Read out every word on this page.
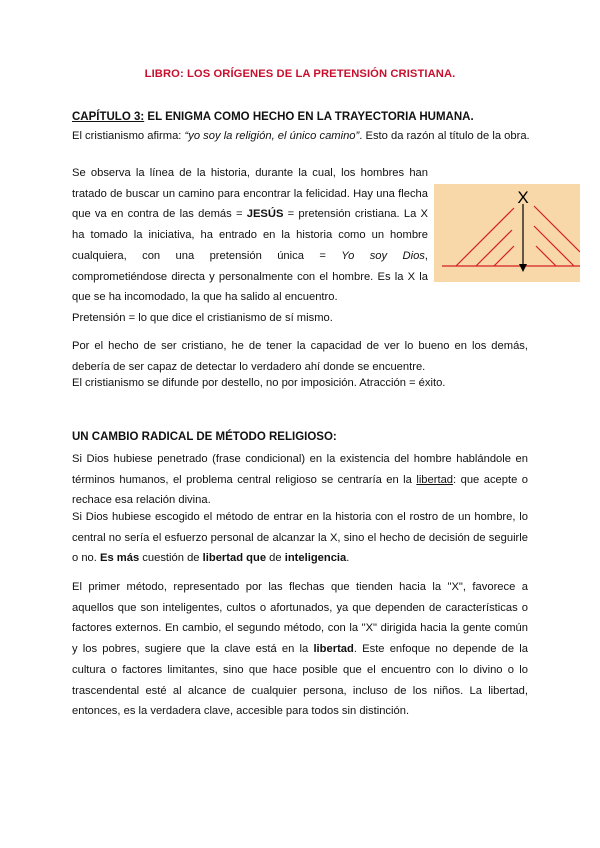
LIBRO: LOS ORÍGENES DE LA PRETENSIÓN CRISTIANA.
CAPÍTULO 3: EL ENIGMA COMO HECHO EN LA TRAYECTORIA HUMANA.
El cristianismo afirma: “yo soy la religión, el único camino”. Esto da razón al título de la obra.
Se observa la línea de la historia, durante la cual, los hombres han tratado de buscar un camino para encontrar la felicidad. Hay una flecha que va en contra de las demás = JESÚS = pretensión cristiana. La X ha tomado la iniciativa, ha entrado en la historia como un hombre cualquiera, con una pretensión única = Yo soy Dios, comprometiéndose directa y personalmente con el hombre. Es la X la que se ha incomodado, la que ha salido al encuentro.
X
Pretensión = lo que dice el cristianismo de sí mismo.
Por el hecho de ser cristiano, he de tener la capacidad de ver lo bueno en los demás, debería de ser capaz de detectar lo verdadero ahí donde se encuentre.
El cristianismo se difunde por destello, no por imposición. Atracción = éxito.
UN CAMBIO RADICAL DE MÉTODO RELIGIOSO:
Si Dios hubiese penetrado (frase condicional) en la existencia del hombre hablándole en términos humanos, el problema central religioso se centraría en la libertad: que acepte o rechace esa relación divina.
Si Dios hubiese escogido el método de entrar en la historia con el rostro de un hombre, lo central no sería el esfuerzo personal de alcanzar la X, sino el hecho de decisión de seguirle o no. Es más cuestión de libertad que de inteligencia.
El primer método, representado por las flechas que tienden hacia la "X", favorece a aquellos que son inteligentes, cultos o afortunados, ya que dependen de características o factores externos. En cambio, el segundo método, con la "X" dirigida hacia la gente común y los pobres, sugiere que la clave está en la libertad. Este enfoque no depende de la cultura o factores limitantes, sino que hace posible que el encuentro con lo divino o lo trascendental esté al alcance de cualquier persona, incluso de los niños. La libertad, entonces, es la verdadera clave, accesible para todos sin distinción.
